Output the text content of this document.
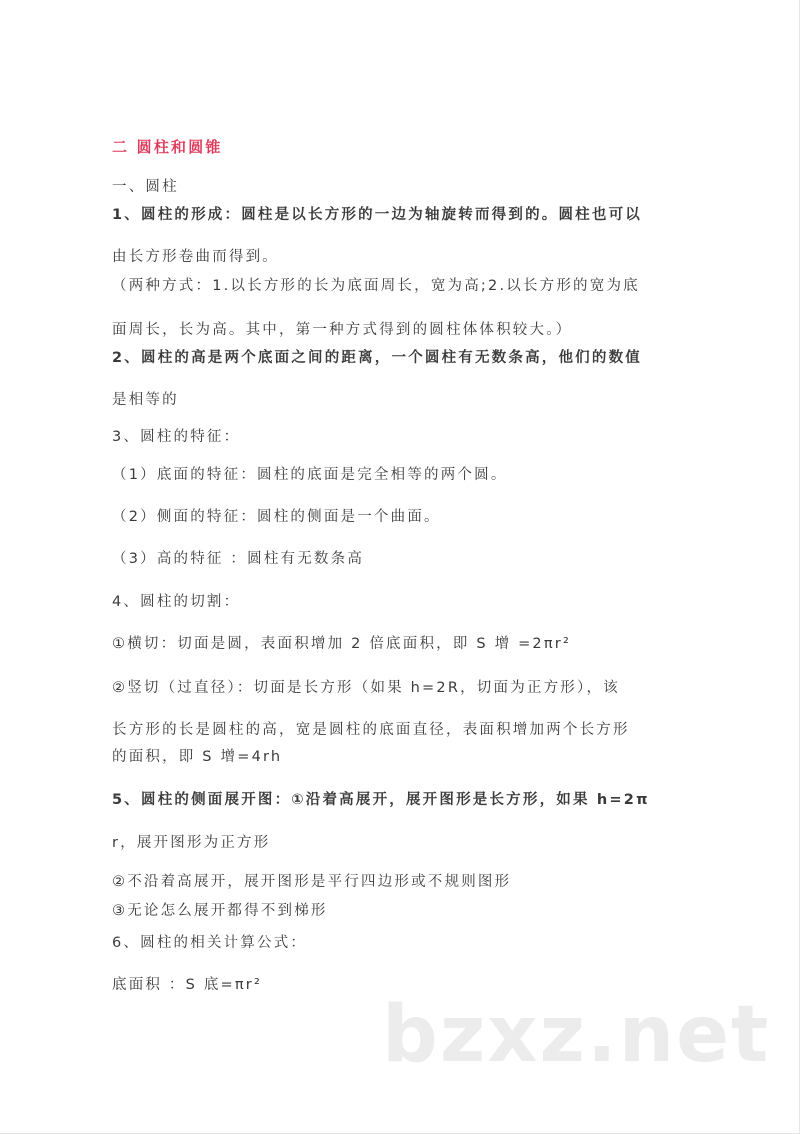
二 圆柱和圆锥
一、圆柱
1、圆柱的形成：圆柱是以长方形的一边为轴旋转而得到的。圆柱也可以
由长方形卷曲而得到。
（两种方式：1.以长方形的长为底面周长，宽为高;2.以长方形的宽为底
面周长，长为高。其中，第一种方式得到的圆柱体体积较大。）
2、圆柱的高是两个底面之间的距离，一个圆柱有无数条高，他们的数值
是相等的
3、圆柱的特征：
（1）底面的特征：圆柱的底面是完全相等的两个圆。
（2）侧面的特征：圆柱的侧面是一个曲面。
（3）高的特征 ：圆柱有无数条高
4、圆柱的切割：
①横切：切面是圆，表面积增加 2 倍底面积，即 S 增 =2πr²
②竖切（过直径）：切面是长方形（如果 h=2R，切面为正方形），该
长方形的长是圆柱的高，宽是圆柱的底面直径，表面积增加两个长方形
的面积，即 S 增=4rh
5、圆柱的侧面展开图：①沿着高展开，展开图形是长方形，如果 h=2π
r，展开图形为正方形
②不沿着高展开，展开图形是平行四边形或不规则图形
③无论怎么展开都得不到梯形
6、圆柱的相关计算公式：
底面积 ：S 底=πr²
bzxz.net
